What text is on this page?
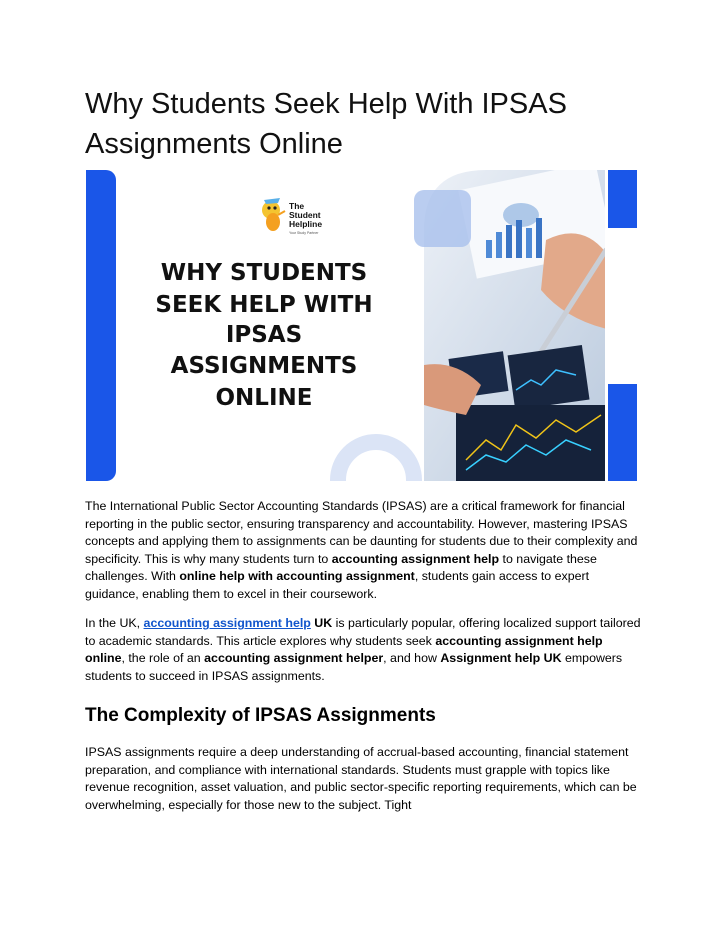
Why Students Seek Help With IPSAS Assignments Online
The
Student
Helpline
Your Study Partner
WHY STUDENTS
SEEK HELP WITH
IPSAS
ASSIGNMENTS
ONLINE

The International Public Sector Accounting Standards (IPSAS) are a critical framework for financial reporting in the public sector, ensuring transparency and accountability. However, mastering IPSAS concepts and applying them to assignments can be daunting for students due to their complexity and specificity. This is why many students turn to accounting assignment help to navigate these challenges. With online help with accounting assignment, students gain access to expert guidance, enabling them to excel in their coursework.

In the UK, accounting assignment help UK is particularly popular, offering localized support tailored to academic standards. This article explores why students seek accounting assignment help online, the role of an accounting assignment helper, and how Assignment help UK empowers students to succeed in IPSAS assignments.

The Complexity of IPSAS Assignments

IPSAS assignments require a deep understanding of accrual-based accounting, financial statement preparation, and compliance with international standards. Students must grapple with topics like revenue recognition, asset valuation, and public sector-specific reporting requirements, which can be overwhelming, especially for those new to the subject. Tight
